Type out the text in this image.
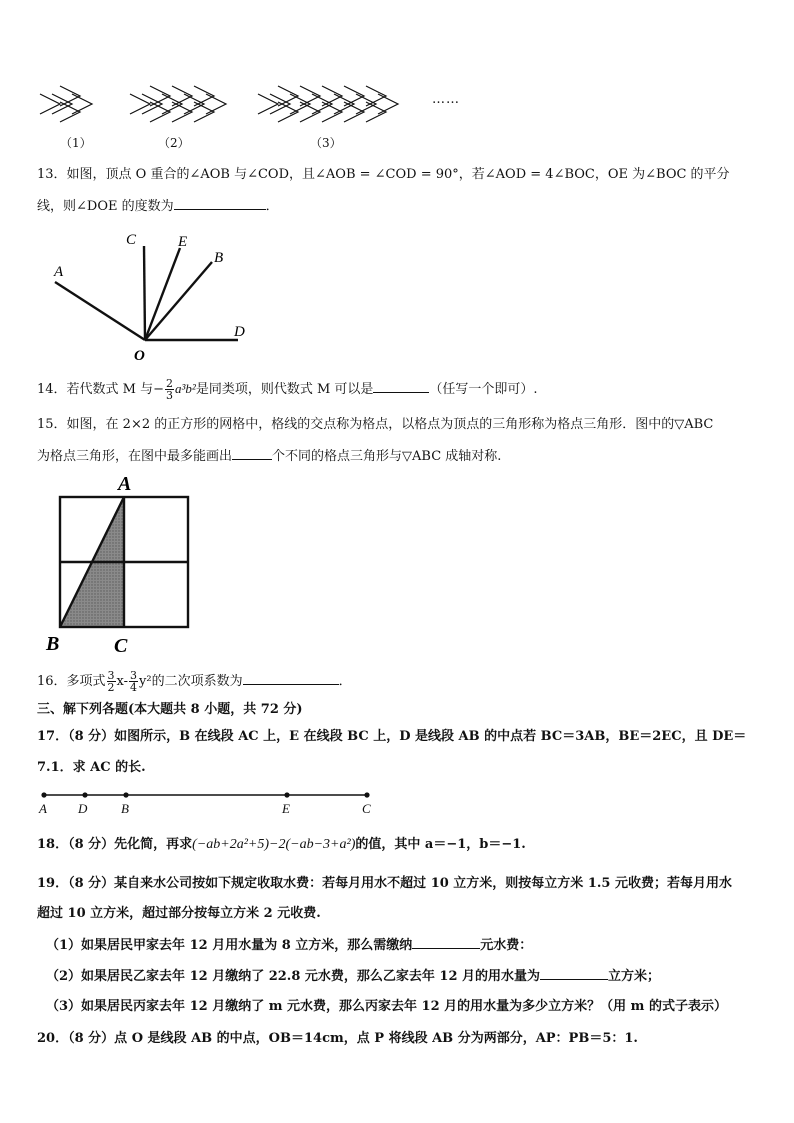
……
（1）	（2）	（3）
13．如图，顶点 O 重合的∠AOB 与∠COD，且∠AOB = ∠COD = 90°，若∠AOD = 4∠BOC，OE 为∠BOC 的平分
线，则∠DOE 的度数为	．
A
C	E
B
D
O
14．若代数式 M 与− $\frac{2}{3} a^3b^2$是同类项，则代数式 M 可以是	（任写一个即可）.
15．如图，在 2×2 的正方形的网格中，格线的交点称为格点，以格点为顶点的三角形称为格点三角形．图中的▽ABC
为格点三角形，在图中最多能画出	个不同的格点三角形与▽ABC 成轴对称.
A
B	C
16．多项式 $\frac{3}{2} x- \frac{3}{4} y^2$的二次项系数为	．
三、解下列各题(本大题共 8 小题，共 72 分)
17．（8 分）如图所示，B 在线段 AC 上，E 在线段 BC 上，D 是线段 AB 的中点若 BC＝3AB，BE＝2EC，且 DE＝
7.1．求 AC 的长.
A D	B	E	C
18．（8 分）先化简，再求(−ab+2a²+5)−2(−ab−3+a²)的值，其中 a＝−1，b＝−1.
19．（8 分）某自来水公司按如下规定收取水费：若每月用水不超过 10 立方米，则按每立方米 1.5 元收费；若每月用水
超过 10 立方米，超过部分按每立方米 2 元收费.
（1）如果居民甲家去年 12 月用水量为 8 立方米，那么需缴纳	元水费：
（2）如果居民乙家去年 12 月缴纳了 22.8 元水费，那么乙家去年 12 月的用水量为	立方米；
（3）如果居民丙家去年 12 月缴纳了 m 元水费，那么丙家去年 12 月的用水量为多少立方米？（用 m 的式子表示）
20．（8 分）点 O 是线段 AB 的中点，OB＝14cm，点 P 将线段 AB 分为两部分，AP：PB＝5：1.
